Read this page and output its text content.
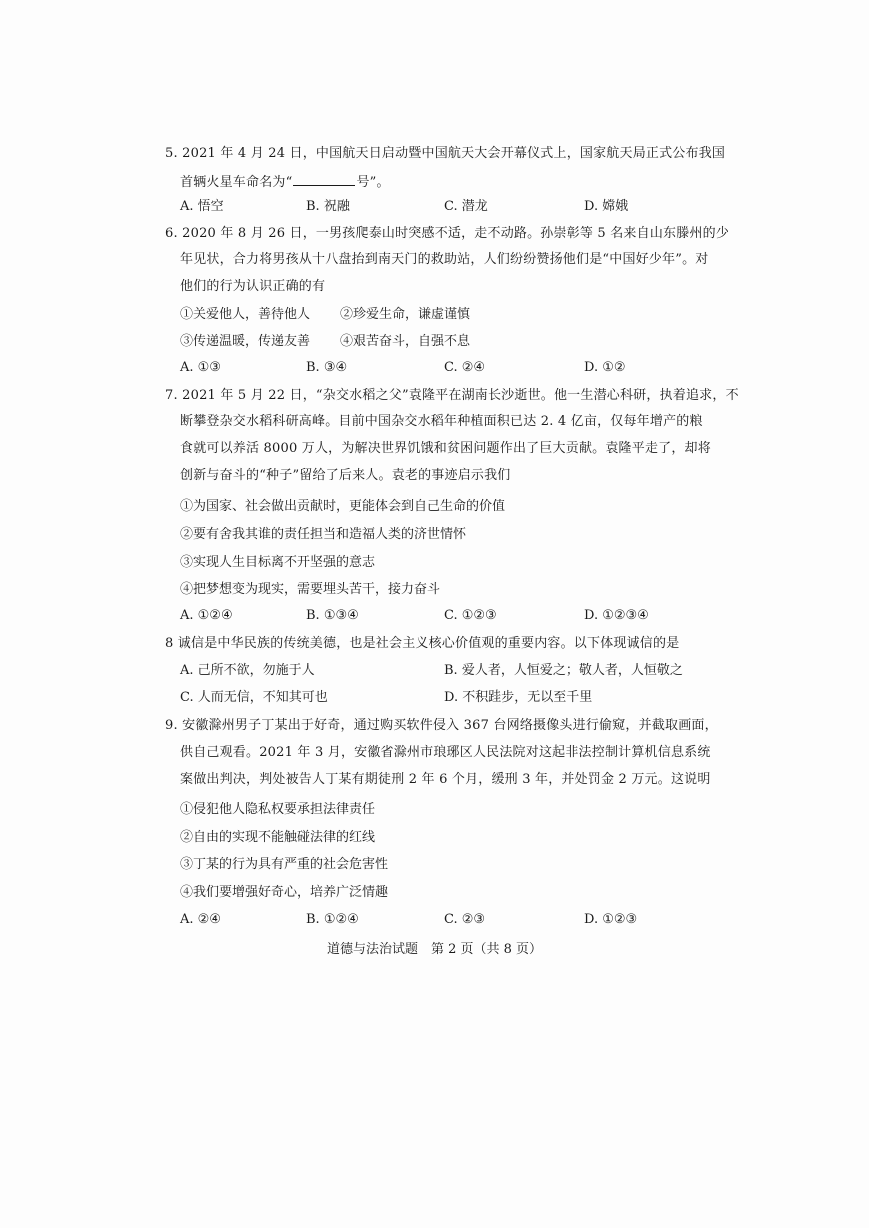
5. 2021 年 4 月 24 日，中国航天日启动暨中国航天大会开幕仪式上，国家航天局正式公布我国
首辆火星车命名为“	号”。
A. 悟空	B. 祝融	C. 潜龙	D. 嫦娥
6. 2020 年 8 月 26 日，一男孩爬泰山时突感不适，走不动路。孙崇彰等 5 名来自山东滕州的少
年见状，合力将男孩从十八盘抬到南天门的救助站，人们纷纷赞扬他们是“中国好少年”。对
他们的行为认识正确的有
①关爱他人，善待他人 ②珍爱生命，谦虚谨慎
③传递温暖，传递友善 ④艰苦奋斗，自强不息
A. ①③	B. ③④	C. ②④	D. ①②
7. 2021 年 5 月 22 日，“杂交水稻之父”袁隆平在湖南长沙逝世。他一生潜心科研，执着追求，不
断攀登杂交水稻科研高峰。目前中国杂交水稻年种植面积已达 2. 4 亿亩，仅每年增产的粮
食就可以养活 8000 万人，为解决世界饥饿和贫困问题作出了巨大贡献。袁隆平走了，却将
创新与奋斗的“种子”留给了后来人。袁老的事迹启示我们
①为国家、社会做出贡献时，更能体会到自己生命的价值
②要有舍我其谁的责任担当和造福人类的济世情怀
③实现人生目标离不开坚强的意志
④把梦想变为现实，需要埋头苦干，接力奋斗
A. ①②④	B. ①③④	C. ①②③	D. ①②③④
8 诚信是中华民族的传统美德，也是社会主义核心价值观的重要内容。以下体现诚信的是
A. 己所不欲，勿施于人	B. 爱人者，人恒爱之；敬人者，人恒敬之
C. 人而无信，不知其可也	D. 不积跬步，无以至千里
9. 安徽滁州男子丁某出于好奇，通过购买软件侵入 367 台网络摄像头进行偷窥，并截取画面，
供自己观看。2021 年 3 月，安徽省滁州市琅琊区人民法院对这起非法控制计算机信息系统
案做出判决，判处被告人丁某有期徒刑 2 年 6 个月，缓刑 3 年，并处罚金 2 万元。这说明
①侵犯他人隐私权要承担法律责任
②自由的实现不能触碰法律的红线
③丁某的行为具有严重的社会危害性
④我们要增强好奇心，培养广泛情趣
A. ②④	B. ①②④	C. ②③	D. ①②③
道德与法治试题　第 2 页（共 8 页）
